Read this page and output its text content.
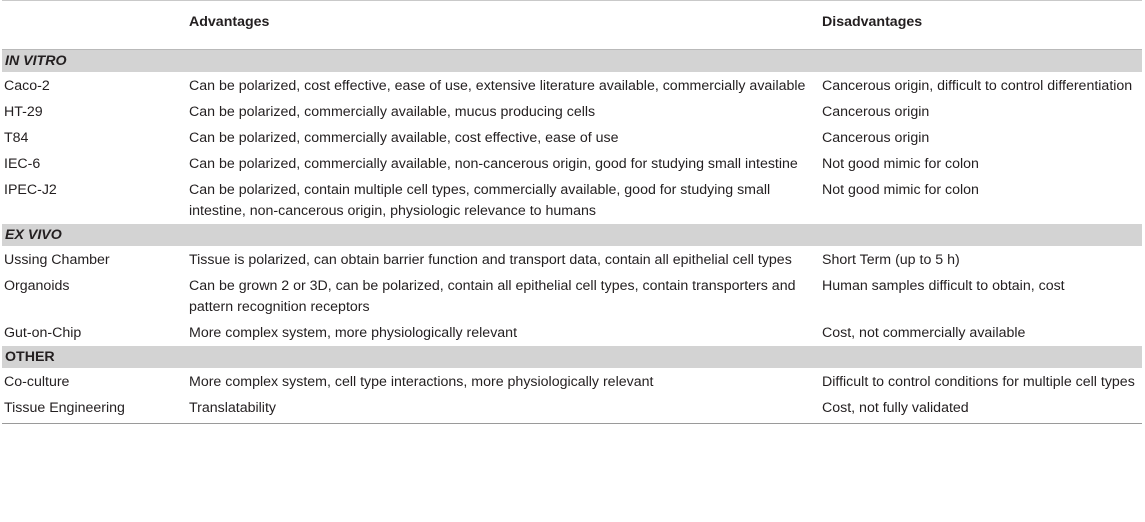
	Advantages	Disadvantages
IN VITRO		
Caco-2	Can be polarized, cost effective, ease of use, extensive literature available, commercially available	Cancerous origin, difficult to control differentiation
HT-29	Can be polarized, commercially available, mucus producing cells	Cancerous origin
T84	Can be polarized, commercially available, cost effective, ease of use	Cancerous origin
IEC-6	Can be polarized, commercially available, non-cancerous origin, good for studying small intestine	Not good mimic for colon
IPEC-J2	Can be polarized, contain multiple cell types, commercially available, good for studying small intestine, non-cancerous origin, physiologic relevance to humans	Not good mimic for colon
EX VIVO		
Ussing Chamber	Tissue is polarized, can obtain barrier function and transport data, contain all epithelial cell types	Short Term (up to 5 h)
Organoids	Can be grown 2 or 3D, can be polarized, contain all epithelial cell types, contain transporters and pattern recognition receptors	Human samples difficult to obtain, cost
Gut-on-Chip	More complex system, more physiologically relevant	Cost, not commercially available
OTHER		
Co-culture	More complex system, cell type interactions, more physiologically relevant	Difficult to control conditions for multiple cell types
Tissue Engineering	Translatability	Cost, not fully validated
